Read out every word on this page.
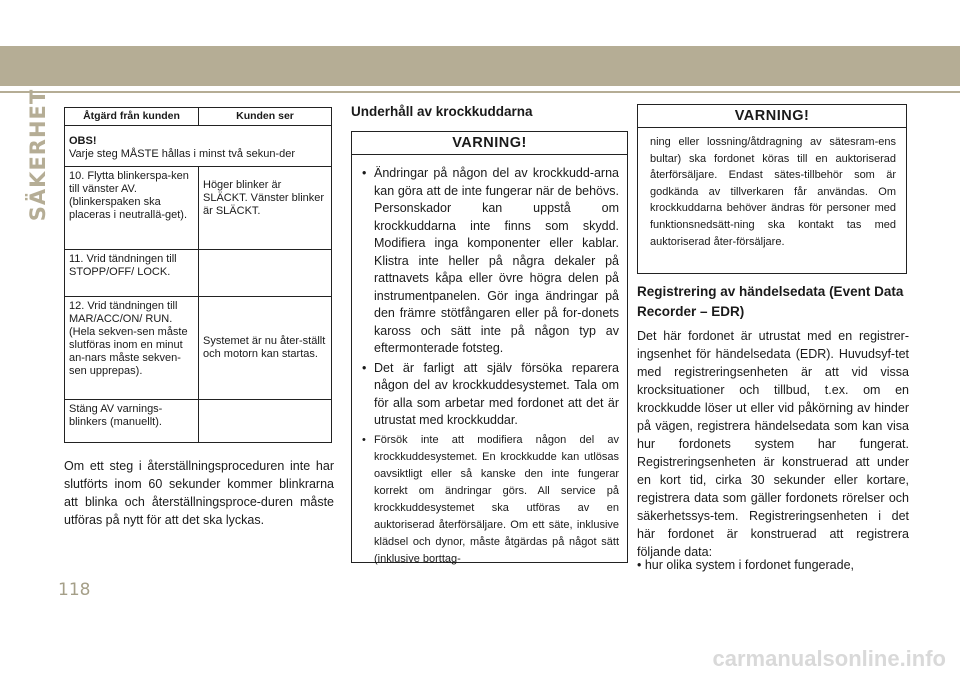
SÄKERHET	Åtgärd från kunden	Kunden ser

OBS!
Varje steg MÅSTE hållas i minst två sekun-der	
10. Flytta blinkerspa-ken till vänster AV. (blinkerspaken ska placeras i neutrallä-get).	Höger blinker är SLÄCKT. Vänster blinker är SLÄCKT.
11. Vrid tändningen till STOPP/OFF/ LOCK.	
12. Vrid tändningen till MAR/ACC/ON/ RUN. (Hela sekven-sen måste slutföras inom en minut an-nars måste sekven-sen upprepas).	Systemet är nu åter-ställt och motorn kan startas.
Stäng AV varnings-blinkers (manuellt).	

Om ett steg i återställningsproceduren inte har slutförts inom 60 sekunder kommer blinkrarna att blinka och återställningsproce-duren måste utföras på nytt för att det ska lyckas.

Underhåll av krockkuddarna
VARNING!
• Ändringar på någon del av krockkudd-arna kan göra att de inte fungerar när de behövs. Personskador kan uppstå om krockkuddarna inte finns som skydd. Modifiera inga komponenter eller kablar. Klistra inte heller på några dekaler på rattnavets kåpa eller övre högra delen på instrumentpanelen. Gör inga ändringar på den främre stötfångaren eller på for-donets kaross och sätt inte på någon typ av eftermonterade fotsteg.
• Det är farligt att själv försöka reparera någon del av krockkuddesystemet. Tala om för alla som arbetar med fordonet att det är utrustat med krockkuddar.
• Försök inte att modifiera någon del av krockkuddesystemet. En krockkudde kan utlösas oavsiktligt eller så kanske den inte fungerar korrekt om ändringar görs. All service på krockkuddesystemet ska utföras av en auktoriserad återförsäljare. Om ett säte, inklusive klädsel och dynor, måste åtgärdas på något sätt (inklusive borttag-
VARNING!
ning eller lossning/åtdragning av sätesram-ens bultar) ska fordonet köras till en auktoriserad återförsäljare. Endast sätes-tillbehör som är godkända av tillverkaren får användas. Om krockkuddarna behöver ändras för personer med funktionsnedsätt-ning ska kontakt tas med auktoriserad åter-försäljare.
Registrering av händelsedata (Event Data Recorder – EDR)

Det här fordonet är utrustat med en registrer-ingsenhet för händelsedata (EDR). Huvudsyf-tet med registreringsenheten är att vid vissa krocksituationer och tillbud, t.ex. om en krockkudde löser ut eller vid påkörning av hinder på vägen, registrera händelsedata som kan visa hur fordonets system har fungerat. Registreringsenheten är konstruerad att under en kort tid, cirka 30 sekunder eller kortare, registrera data som gäller fordonets rörelser och säkerhetssys-tem. Registreringsenheten i det här fordonet är konstruerad att registrera följande data:

• hur olika system i fordonet fungerade,

118
carmanualsonline.info
